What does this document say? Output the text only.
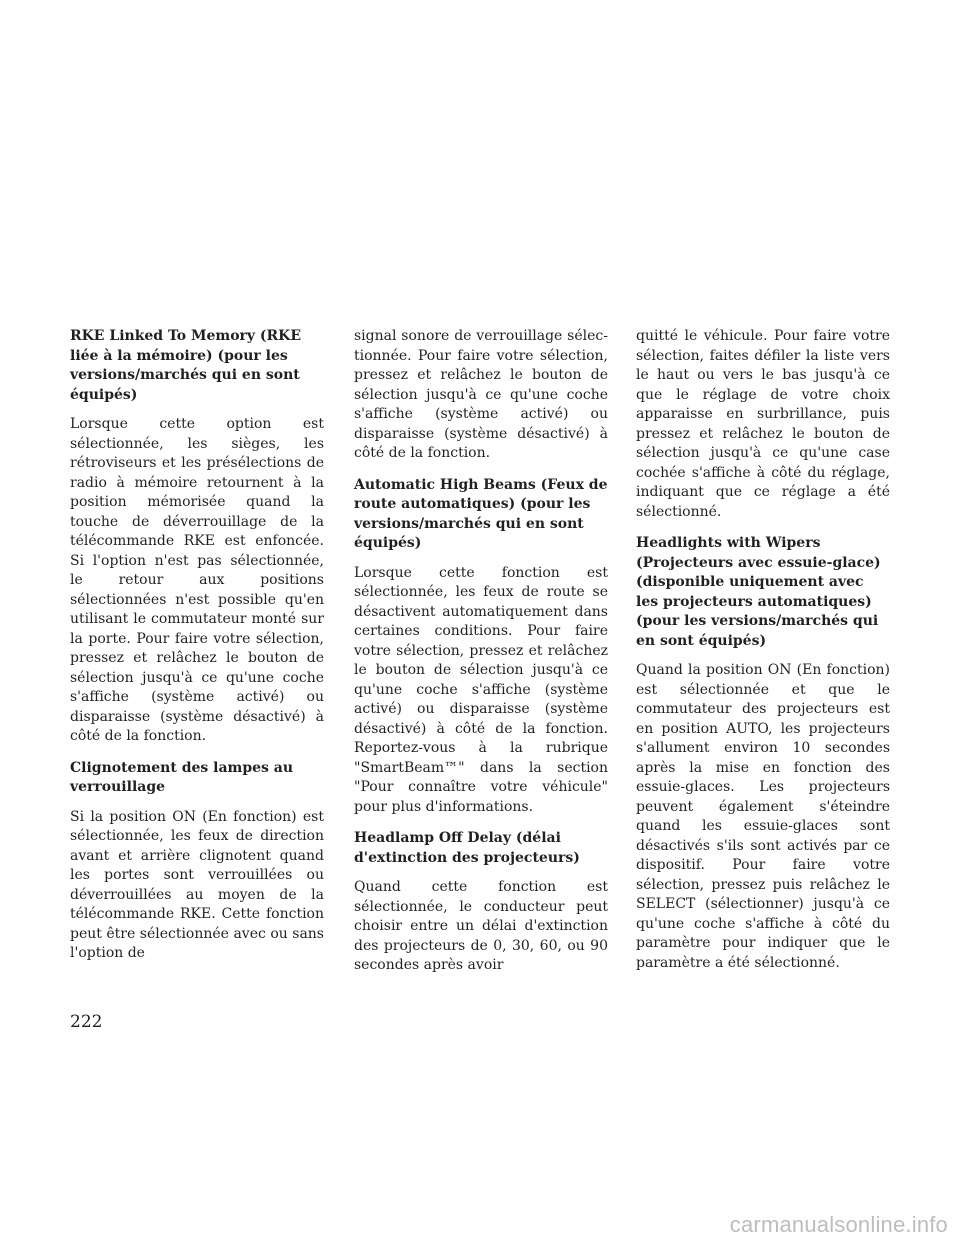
RKE Linked To Memory (RKE liée à la mémoire) (pour les versions/marchés qui en sont équipés)

Lorsque cette option est sélectionnée, les sièges, les rétroviseurs et les présélections de radio à mémoire retournent à la position mémorisée quand la touche de déverrouillage de la télécommande RKE est enfoncée. Si l'option n'est pas sélectionnée, le retour aux positions sélectionnées n'est possible qu'en utilisant le commutateur monté sur la porte. Pour faire votre sélection, pressez et relâchez le bouton de sélection jusqu'à ce qu'une coche s'affiche (système activé) ou disparaisse (système désactivé) à côté de la fonction.

Clignotement des lampes au verrouillage

Si la position ON (En fonction) est sélectionnée, les feux de direction avant et arrière clignotent quand les portes sont verrouillées ou déverrouillées au moyen de la télécommande RKE. Cette fonction peut être sélectionnée avec ou sans l'option de

signal sonore de verrouillage sélectionnée. Pour faire votre sélection, pressez et relâchez le bouton de sélection jusqu'à ce qu'une coche s'affiche (système activé) ou disparaisse (système désactivé) à côté de la fonction.

Automatic High Beams (Feux de route automatiques) (pour les versions/marchés qui en sont équipés)

Lorsque cette fonction est sélectionnée, les feux de route se désactivent automatiquement dans certaines conditions. Pour faire votre sélection, pressez et relâchez le bouton de sélection jusqu'à ce qu'une coche s'affiche (système activé) ou disparaisse (système désactivé) à côté de la fonction. Reportez-vous à la rubrique "SmartBeam™" dans la section "Pour connaître votre véhicule" pour plus d'informations.

Headlamp Off Delay (délai d'extinction des projecteurs)

Quand cette fonction est sélectionnée, le conducteur peut choisir entre un délai d'extinction des projecteurs de 0, 30, 60, ou 90 secondes après avoir

quitté le véhicule. Pour faire votre sélection, faites défiler la liste vers le haut ou vers le bas jusqu'à ce que le réglage de votre choix apparaisse en surbrillance, puis pressez et relâchez le bouton de sélection jusqu'à ce qu'une case cochée s'affiche à côté du réglage, indiquant que ce réglage a été sélectionné.

Headlights with Wipers (Projecteurs avec essuie-glace) (disponible uniquement avec les projecteurs automatiques) (pour les versions/marchés qui en sont équipés)

Quand la position ON (En fonction) est sélectionnée et que le commutateur des projecteurs est en position AUTO, les projecteurs s'allument environ 10 secondes après la mise en fonction des essuie-glaces. Les projecteurs peuvent également s'éteindre quand les essuie-glaces sont désactivés s'ils sont activés par ce dispositif. Pour faire votre sélection, pressez puis relâchez le SELECT (sélectionner) jusqu'à ce qu'une coche s'affiche à côté du paramètre pour indiquer que le paramètre a été sélectionné.

222
carmanualsonline.info
